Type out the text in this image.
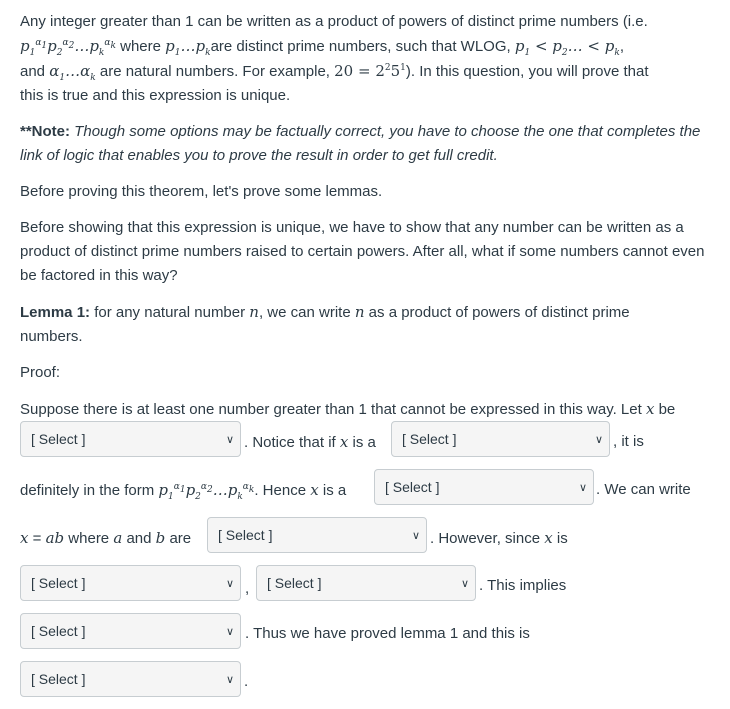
Any integer greater than 1 can be written as a product of powers of distinct prime numbers (i.e.
$p_1^{\alpha_1}p_2^{\alpha_2}\dots p_k^{\alpha_k}$ where $p_1\dots p_kare$ distinct prime numbers, such that WLOG, $p_1$ < $p_2\dots < p_k$,
and $\alpha_1\dots\alpha_k$ are natural numbers. For example, $20 = 2^25^1$). In this question, you will prove that
this is true and this expression is unique.

**Note: Though some options may be factually correct, you have to choose the one that completes the link of logic that enables you to prove the result in order to get full credit.

Before proving this theorem, let's prove some lemmas.

Before showing that this expression is unique, we have to show that any number can be written as a product of distinct prime numbers raised to certain powers. After all, what if some numbers cannot even be factored in this way?

Lemma 1: for any natural number n, we can write n as a product of powers of distinct prime
numbers.

Proof:

Suppose there is at least one number greater than 1 that cannot be expressed in this way. Let x be
[ Select ]	∨ . Notice that if x is a [ Select ]	∨ , it is
definitely in the form $p_1^{\alpha_1}p_2^{\alpha_2}\dots p_k^{\alpha_k}$. Hence x is a	[ Select ]	∨ . We can write
x = ab where a and b are [ Select ]	∨ . However, since x is
[ Select ]	∨ , [ Select ]	∨ . This implies
[ Select ]	∨ . Thus we have proved lemma 1 and this is
[ Select ]	∨ .
